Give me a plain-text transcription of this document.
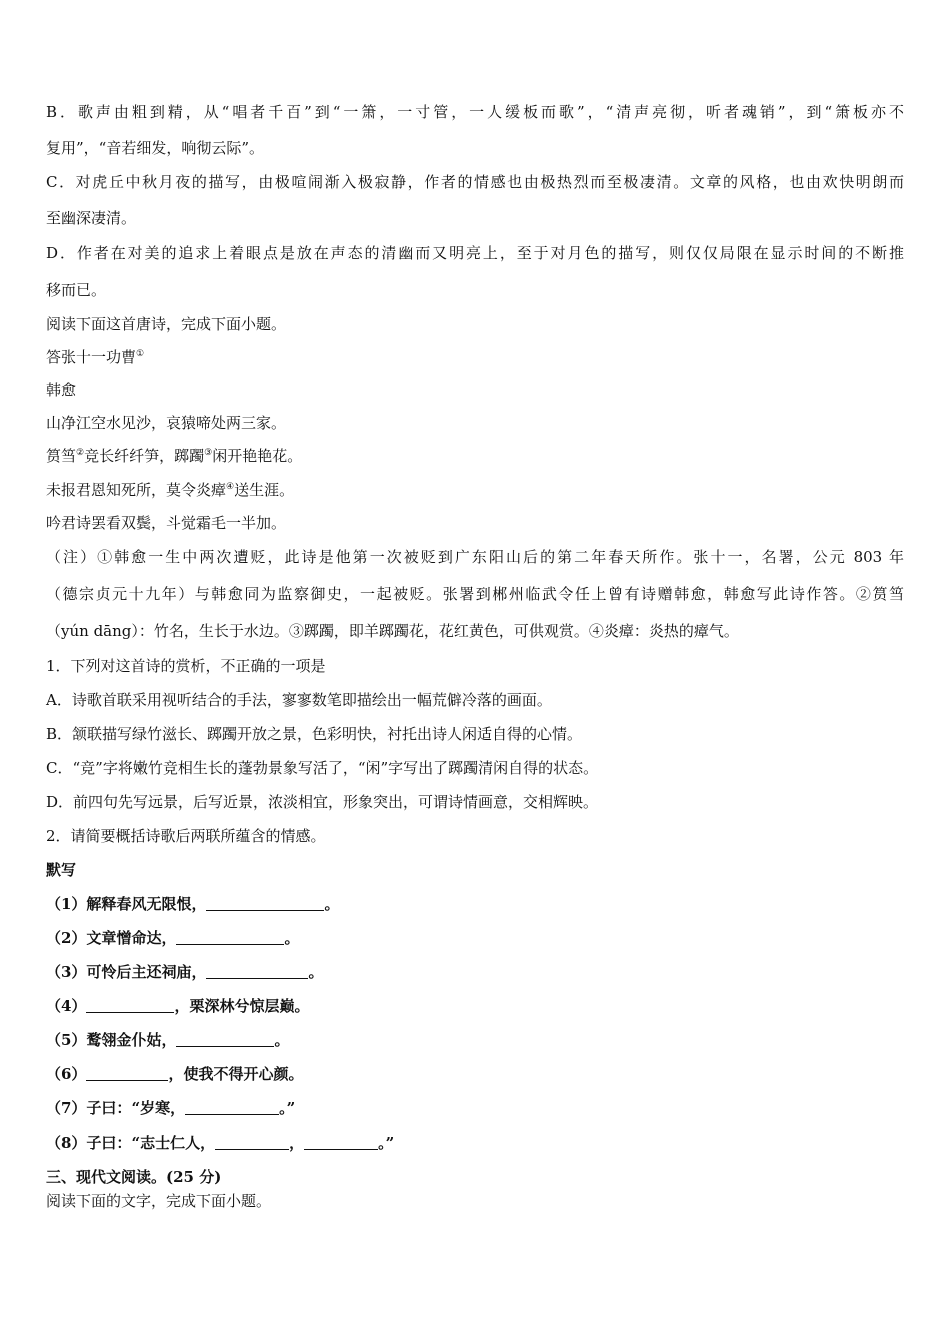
B．歌声由粗到精，从“唱者千百”到“一箫，一寸管，一人缓板而歌”，“清声亮彻，听者魂销”，到“箫板亦不
复用”，“音若细发，响彻云际”。
C．对虎丘中秋月夜的描写，由极喧闹渐入极寂静，作者的情感也由极热烈而至极凄清。文章的风格，也由欢快明朗而
至幽深凄清。
D．作者在对美的追求上着眼点是放在声态的清幽而又明亮上，至于对月色的描写，则仅仅局限在显示时间的不断推
移而已。
阅读下面这首唐诗，完成下面小题。
答张十一功曹①
韩愈
山净江空水见沙，哀猿啼处两三家。
筼筜②竞长纤纤笋，踯躅③闲开艳艳花。
未报君恩知死所，莫令炎瘴④送生涯。
吟君诗罢看双鬓，斗觉霜毛一半加。
（注）①韩愈一生中两次遭贬，此诗是他第一次被贬到广东阳山后的第二年春天所作。张十一，名署，公元 803 年
（德宗贞元十九年）与韩愈同为监察御史，一起被贬。张署到郴州临武令任上曾有诗赠韩愈，韩愈写此诗作答。②筼筜
（yún dāng）：竹名，生长于水边。③踯躅，即羊踯躅花，花红黄色，可供观赏。④炎瘴：炎热的瘴气。
1．下列对这首诗的赏析，不正确的一项是
A．诗歌首联采用视听结合的手法，寥寥数笔即描绘出一幅荒僻冷落的画面。
B．颔联描写绿竹滋长、踯躅开放之景，色彩明快，衬托出诗人闲适自得的心情。
C．“竞”字将嫩竹竞相生长的蓬勃景象写活了，“闲”字写出了踯躅清闲自得的状态。
D．前四句先写远景，后写近景，浓淡相宜，形象突出，可谓诗情画意，交相辉映。
2．请简要概括诗歌后两联所蕴含的情感。
默写
（1）解释春风无限恨，	。
（2）文章憎命达，	。
（3）可怜后主还祠庙，	。
（4）	，栗深林兮惊层巅。
（5）鹜翎金仆姑，	。
（6）	，使我不得开心颜。
（7）子曰：“岁寒，	。”
（8）子曰：“志士仁人，	，	。”
三、现代文阅读。(25 分)
阅读下面的文字，完成下面小题。
